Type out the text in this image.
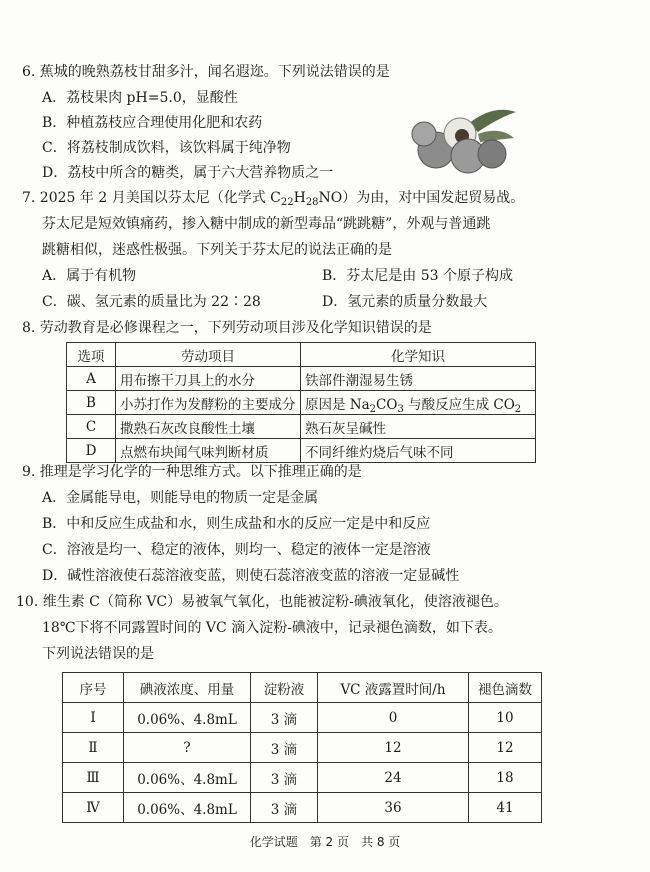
6. 蕉城的晚熟荔枝甘甜多汁，闻名遐迩。下列说法错误的是
A．荔枝果肉 pH=5.0，显酸性
B．种植荔枝应合理使用化肥和农药
C．将荔枝制成饮料，该饮料属于纯净物
D．荔枝中所含的糖类，属于六大营养物质之一
7. 2025 年 2 月美国以芬太尼（化学式 $C_{22}H_{28}NO$）为由，对中国发起贸易战。
芬太尼是短效镇痛药，掺入糖中制成的新型毒品“跳跳糖”，外观与普通跳
跳糖相似，迷惑性极强。下列关于芬太尼的说法正确的是
A．属于有机物	B．芬太尼是由 53 个原子构成
C．碳、氢元素的质量比为 22∶28	D．氢元素的质量分数最大
8. 劳动教育是必修课程之一，下列劳动项目涉及化学知识错误的是
选项	劳动项目	化学知识
A	用布擦干刀具上的水分	铁部件潮湿易生锈
B	小苏打作为发酵粉的主要成分	原因是 $Na_2CO_3$ 与酸反应生成 $CO_2$
C	撒熟石灰改良酸性土壤	熟石灰呈碱性
D	点燃布块闻气味判断材质	不同纤维灼烧后气味不同
9. 推理是学习化学的一种思维方式。以下推理正确的是
A．金属能导电，则能导电的物质一定是金属
B．中和反应生成盐和水，则生成盐和水的反应一定是中和反应
C．溶液是均一、稳定的液体，则均一、稳定的液体一定是溶液
D．碱性溶液使石蕊溶液变蓝，则使石蕊溶液变蓝的溶液一定显碱性
10. 维生素 C（简称 VC）易被氧气氧化，也能被淀粉-碘液氧化，使溶液褪色。
18℃下将不同露置时间的 VC 滴入淀粉-碘液中，记录褪色滴数，如下表。
下列说法错误的是
序号	碘液浓度、用量	淀粉液	VC 液露置时间/h	褪色滴数
Ⅰ	0.06%、4.8mL	3 滴	0	10
Ⅱ	?	3 滴	12	12
Ⅲ	0.06%、4.8mL	3 滴	24	18
Ⅳ	0.06%、4.8mL	3 滴	36	41
化学试题　第 2 页　共 8 页
